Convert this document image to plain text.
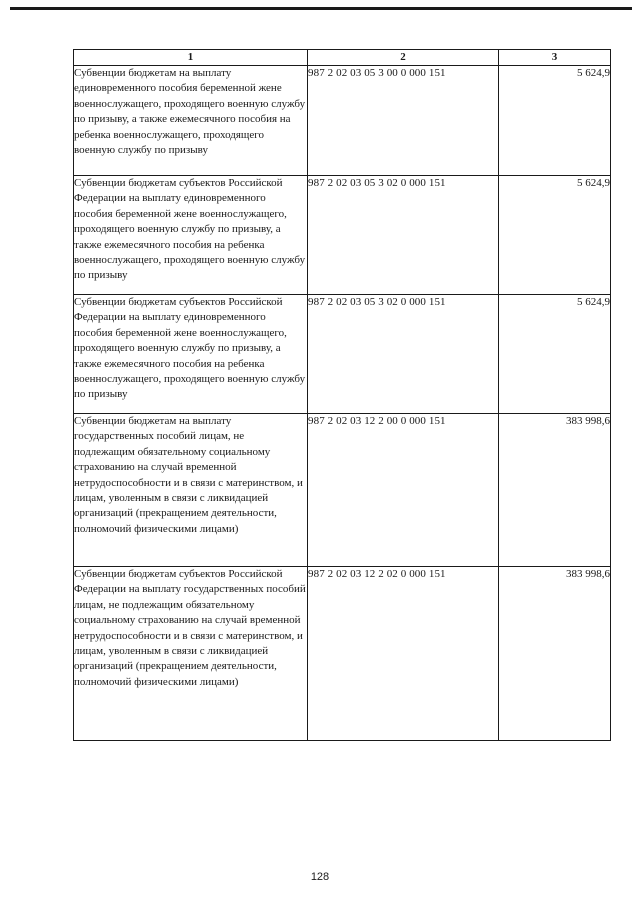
1	2	3
Субвенции бюджетам на выплату единовременного пособия беременной жене военнослужащего, проходящего военную службу по призыву, а также ежемесячного пособия на ребенка военнослужащего, проходящего военную службу по призыву	987 2 02 03 05 3 00 0 000 151	5 624,9
Субвенции бюджетам субъектов Российской Федерации на выплату единовременного пособия беременной жене военнослужащего, проходящего военную службу по призыву, а также ежемесячного пособия на ребенка военнослужащего, проходящего военную службу по призыву	987 2 02 03 05 3 02 0 000 151	5 624,9
Субвенции бюджетам субъектов Российской Федерации на выплату единовременного пособия беременной жене военнослужащего, проходящего военную службу по призыву, а также ежемесячного пособия на ребенка военнослужащего, проходящего военную службу по призыву	987 2 02 03 05 3 02 0 000 151	5 624,9
Субвенции бюджетам на выплату государственных пособий лицам, не подлежащим обязательному социальному страхованию на случай временной нетрудоспособности и в связи с материнством, и лицам, уволенным в связи с ликвидацией организаций (прекращением деятельности, полномочий физическими лицами)	987 2 02 03 12 2 00 0 000 151	383 998,6
Субвенции бюджетам субъектов Российской Федерации на выплату государственных пособий лицам, не подлежащим обязательному социальному страхованию на случай временной нетрудоспособности и в связи с материнством, и лицам, уволенным в связи с ликвидацией организаций (прекращением деятельности, полномочий физическими лицами)	987 2 02 03 12 2 02 0 000 151	383 998,6
128
